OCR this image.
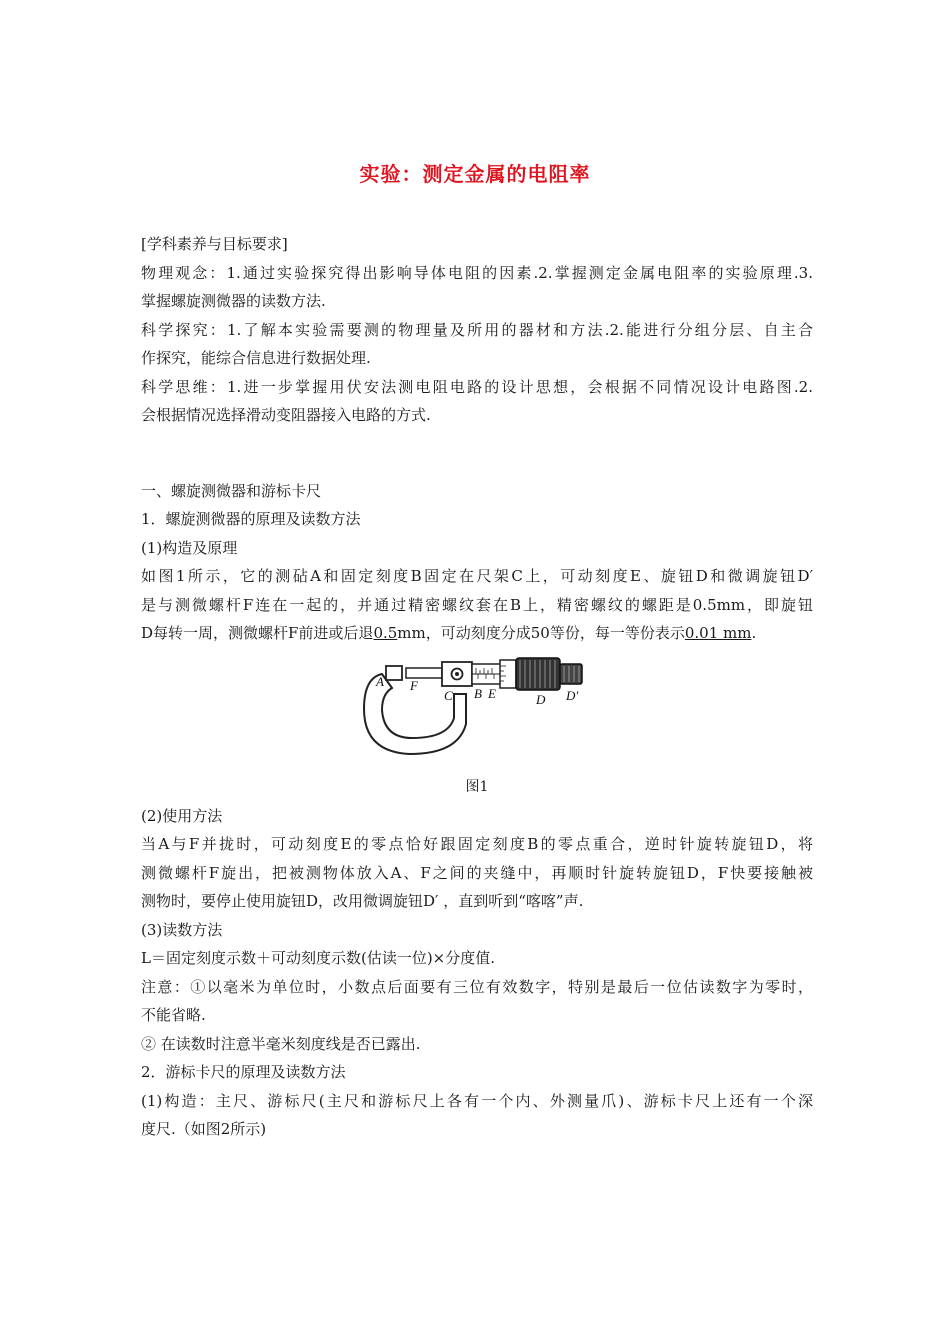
实验：测定金属的电阻率
[学科素养与目标要求]
物理观念：1.通过实验探究得出影响导体电阻的因素.2.掌握测定金属电阻率的实验原理.3.
掌握螺旋测微器的读数方法.
科学探究：1.了解本实验需要测的物理量及所用的器材和方法.2.能进行分组分层、自主合
作探究，能综合信息进行数据处理.
科学思维：1.进一步掌握用伏安法测电阻电路的设计思想，会根据不同情况设计电路图.2.
会根据情况选择滑动变阻器接入电路的方式.
一、螺旋测微器和游标卡尺
1．螺旋测微器的原理及读数方法
(1)构造及原理
如图1所示，它的测砧A和固定刻度B固定在尺架C上，可动刻度E、旋钮D和微调旋钮D′
是与测微螺杆F连在一起的，并通过精密螺纹套在B上，精密螺纹的螺距是0.5mm，即旋钮
D每转一周，测微螺杆F前进或后退0.5mm，可动刻度分成50等份，每一等份表示0.01 mm.
A F
C B E	D D′
图1
(2)使用方法
当A与F并拢时，可动刻度E的零点恰好跟固定刻度B的零点重合，逆时针旋转旋钮D，将
测微螺杆F旋出，把被测物体放入A、F之间的夹缝中，再顺时针旋转旋钮D，F快要接触被
测物时，要停止使用旋钮D，改用微调旋钮D′ ，直到听到“喀喀”声.
(3)读数方法
L＝固定刻度示数＋可动刻度示数(估读一位)×分度值.
注意：①以毫米为单位时，小数点后面要有三位有效数字，特别是最后一位估读数字为零时，
不能省略.
② 在读数时注意半毫米刻度线是否已露出.
2．游标卡尺的原理及读数方法
(1)构造：主尺、游标尺(主尺和游标尺上各有一个内、外测量爪)、游标卡尺上还有一个深
度尺.（如图2所示)
